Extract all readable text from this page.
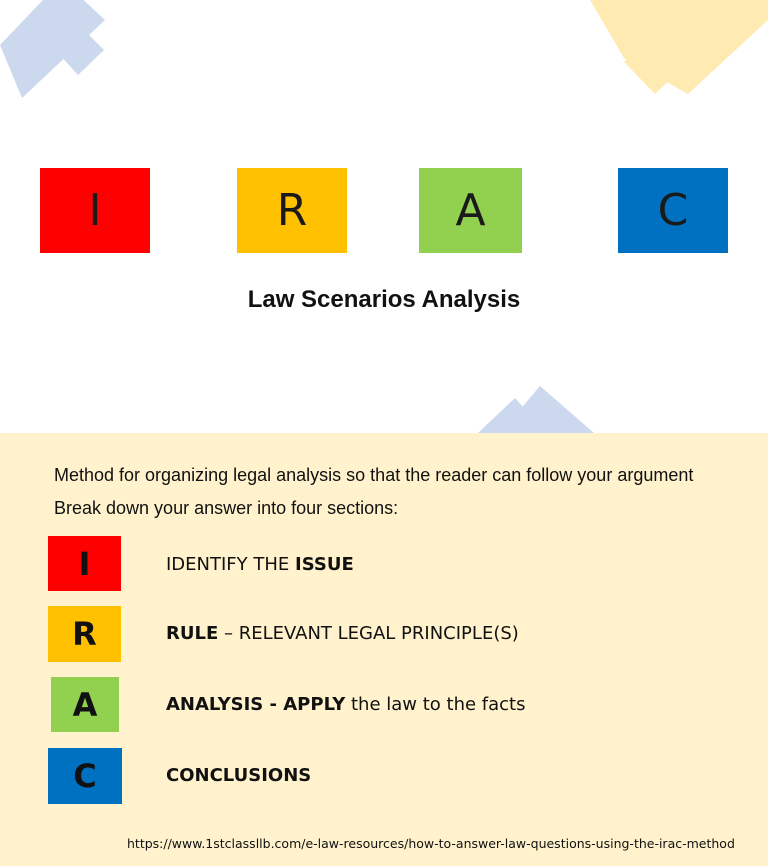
I	R	A	C
Law Scenarios Analysis
Method for organizing legal analysis so that the reader can follow your argument
Break down your answer into four sections:
I	IDENTIFY THE ISSUE
R	RULE – RELEVANT LEGAL PRINCIPLE(S)
A	ANALYSIS - APPLY the law to the facts
C	CONCLUSIONS
https://www.1stclassllb.com/e-law-resources/how-to-answer-law-questions-using-the-irac-method
